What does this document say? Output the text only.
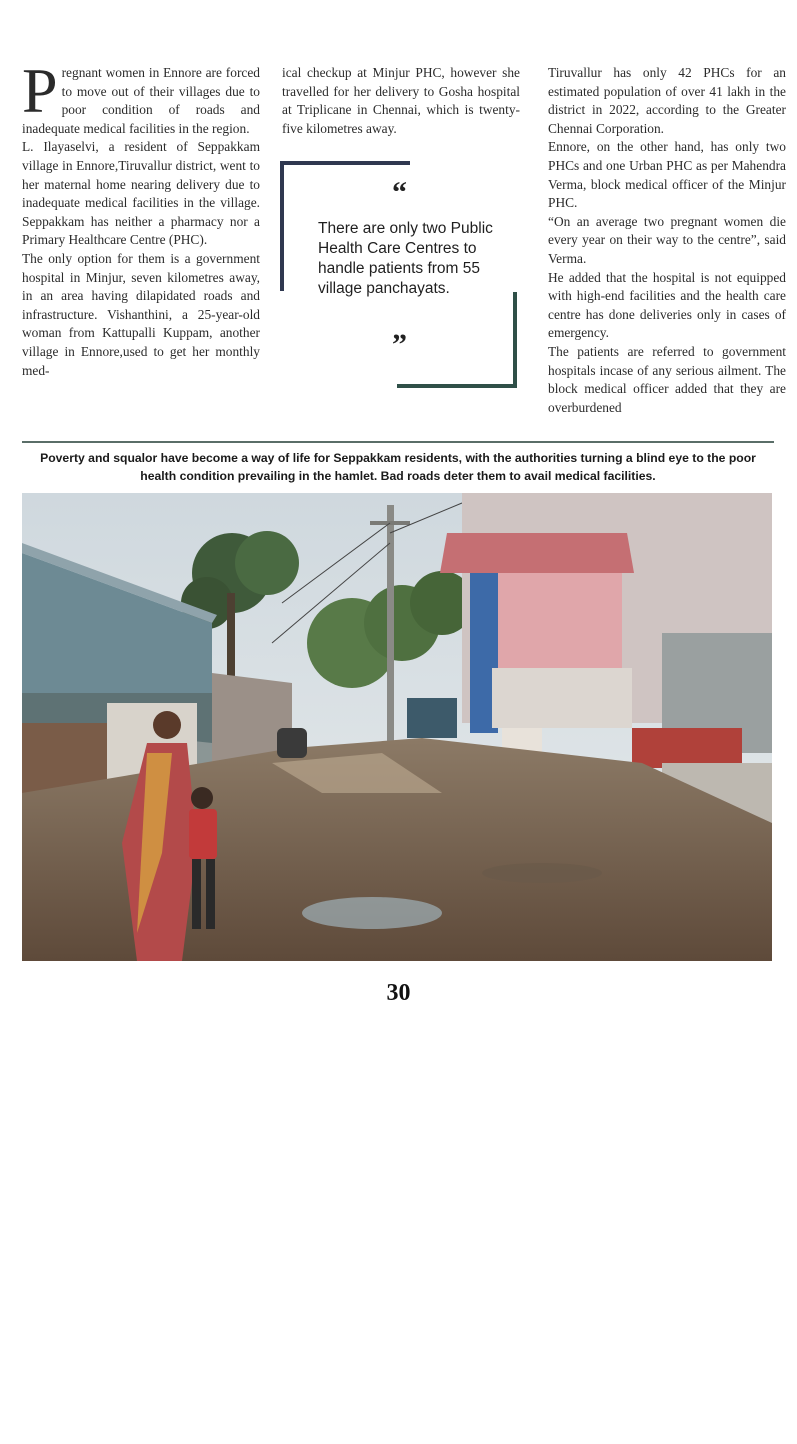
P regnant women in Ennore are forced to move out of their villages due to poor condition of roads and inadequate medical facilities in the region.

L. Ilayaselvi, a resident of Seppakkam village in Ennore,Tiruvallur district, went to her maternal home nearing delivery due to inadequate medical facilities in the village. Seppakkam has neither a pharmacy nor a Primary Healthcare Centre (PHC).

The only option for them is a government hospital in Minjur, seven kilometres away, in an area having dilapidated roads and infrastructure. Vishanthini, a 25-year-old woman from Kattupalli Kuppam, another village in Ennore,used to get her monthly med-

ical checkup at Minjur PHC, however she travelled for her delivery to Gosha hospital at Triplicane in Chennai, which is twenty-five kilometres away.

Tiruvallur has only 42 PHCs for an estimated population of over 41 lakh in the district in 2022, according to the Greater Chennai Corporation.

Ennore, on the other hand, has only two PHCs and one Urban PHC as per Mahendra Verma, block medical officer of the Minjur PHC.

“On an average two pregnant women die every year on their way to the centre”, said Verma.

He added that the hospital is not equipped with high-end facilities and the health care centre has done deliveries only in cases of emergency.

The patients are referred to government hospitals incase of any serious ailment. The block medical officer added that they are overburdened

“
There are only two Public Health Care Centres to handle patients from 55 village panchayats.
”
Poverty and squalor have become a way of life for Seppakkam residents, with the authorities turning a blind eye to the poor health condition prevailing in the hamlet. Bad roads deter them to avail medical facilities.
Photo Credits-Malavika Menon
30
